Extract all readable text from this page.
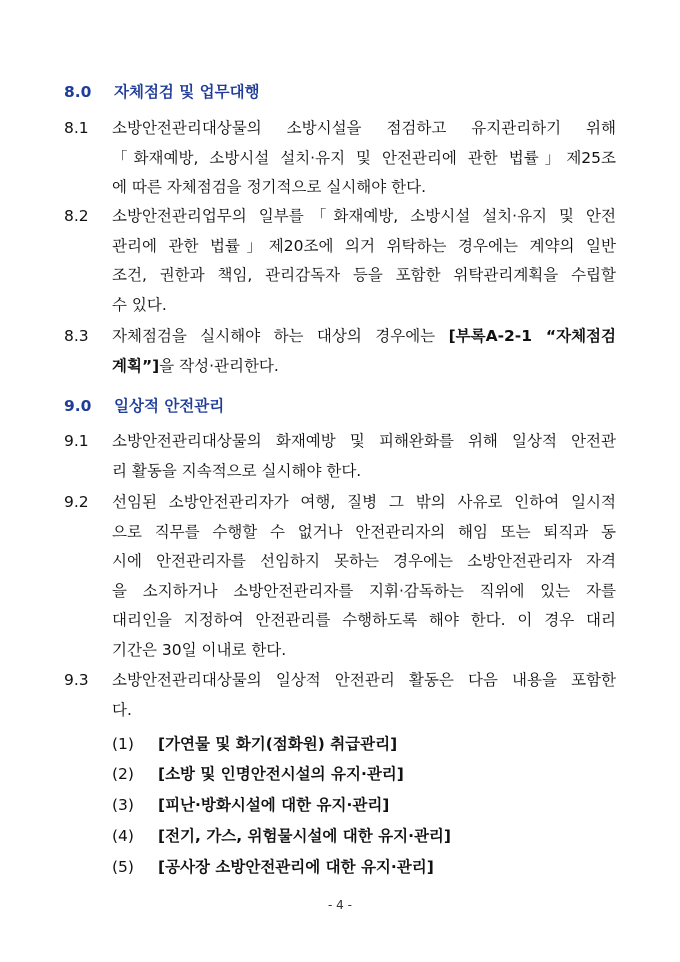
8.0 자체점검 및 업무대행
8.1 소방안전관리대상물의 소방시설을 점검하고 유지관리하기 위해
「화재예방, 소방시설 설치·유지 및 안전관리에 관한 법률」제25조
에 따른 자체점검을 정기적으로 실시해야 한다.
8.2 소방안전관리업무의 일부를「화재예방, 소방시설 설치·유지 및 안전
관리에 관한 법률」제20조에 의거 위탁하는 경우에는 계약의 일반
조건, 권한과 책임, 관리감독자 등을 포함한 위탁관리계획을 수립할
수 있다.
8.3 자체점검을 실시해야 하는 대상의 경우에는 [부록A-2-1 “자체점검
계획”]을 작성·관리한다.
9.0 일상적 안전관리
9.1 소방안전관리대상물의 화재예방 및 피해완화를 위해 일상적 안전관
리 활동을 지속적으로 실시해야 한다.
9.2 선임된 소방안전관리자가 여행, 질병 그 밖의 사유로 인하여 일시적
으로 직무를 수행할 수 없거나 안전관리자의 해임 또는 퇴직과 동
시에 안전관리자를 선임하지 못하는 경우에는 소방안전관리자 자격
을 소지하거나 소방안전관리자를 지휘·감독하는 직위에 있는 자를
대리인을 지정하여 안전관리를 수행하도록 해야 한다. 이 경우 대리
기간은 30일 이내로 한다.
9.3 소방안전관리대상물의 일상적 안전관리 활동은 다음 내용을 포함한
다.
(1) [가연물 및 화기(점화원) 취급관리]
(2) [소방 및 인명안전시설의 유지·관리]
(3) [피난·방화시설에 대한 유지·관리]
(4) [전기, 가스, 위험물시설에 대한 유지·관리]
(5) [공사장 소방안전관리에 대한 유지·관리]
- 4 -
